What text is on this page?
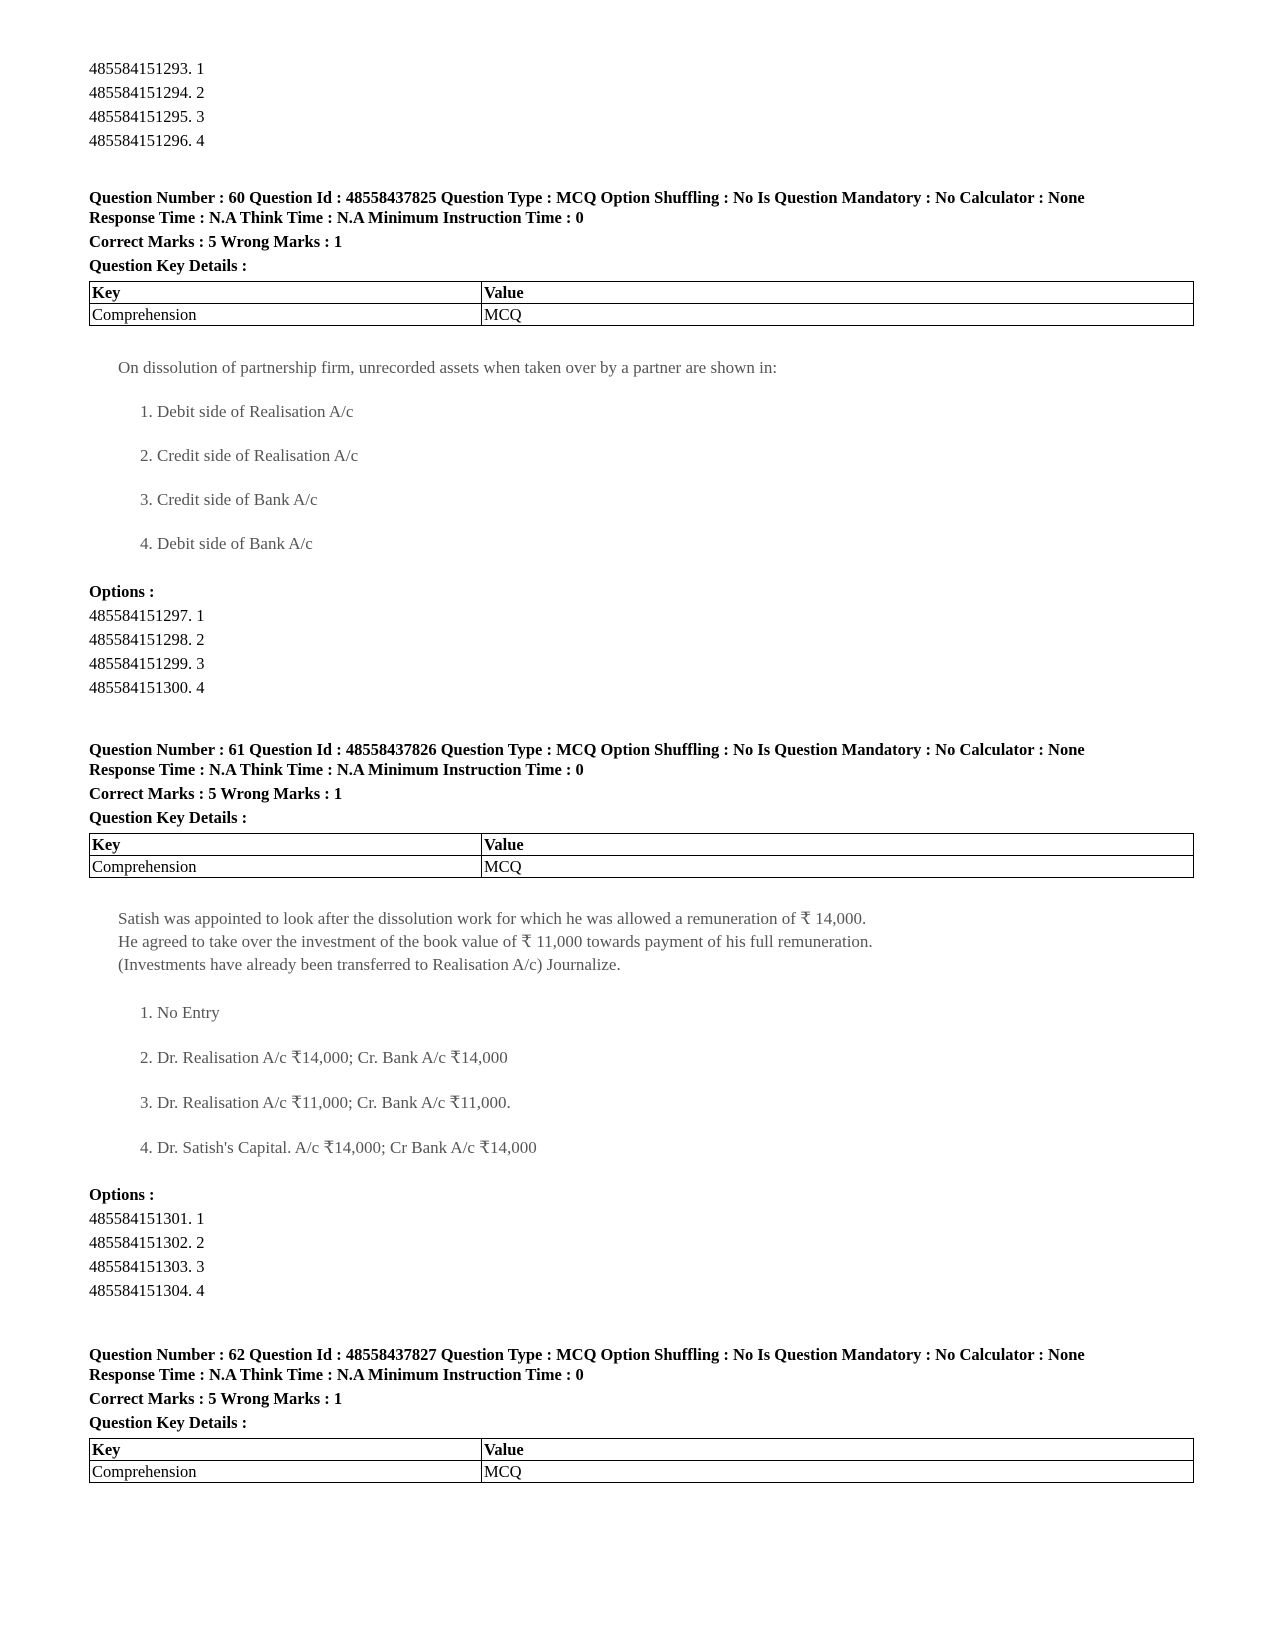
485584151293. 1
485584151294. 2
485584151295. 3
485584151296. 4
Question Number : 60 Question Id : 48558437825 Question Type : MCQ Option Shuffling : No Is Question Mandatory : No Calculator : None
Response Time : N.A Think Time : N.A Minimum Instruction Time : 0
Correct Marks : 5 Wrong Marks : 1
Question Key Details :
Key	Value
Comprehension	MCQ
On dissolution of partnership firm, unrecorded assets when taken over by a partner are shown in:
1. Debit side of Realisation A/c
2. Credit side of Realisation A/c
3. Credit side of Bank A/c
4. Debit side of Bank A/c
Options :
485584151297. 1
485584151298. 2
485584151299. 3
485584151300. 4
Question Number : 61 Question Id : 48558437826 Question Type : MCQ Option Shuffling : No Is Question Mandatory : No Calculator : None
Response Time : N.A Think Time : N.A Minimum Instruction Time : 0
Correct Marks : 5 Wrong Marks : 1
Question Key Details :
Key	Value
Comprehension	MCQ
Satish was appointed to look after the dissolution work for which he was allowed a remuneration of ₹ 14,000.
He agreed to take over the investment of the book value of ₹ 11,000 towards payment of his full remuneration.
(Investments have already been transferred to Realisation A/c) Journalize.
1. No Entry
2. Dr. Realisation A/c ₹14,000; Cr. Bank A/c ₹14,000
3. Dr. Realisation A/c ₹11,000; Cr. Bank A/c ₹11,000.
4. Dr. Satish's Capital. A/c ₹14,000; Cr Bank A/c ₹14,000
Options :
485584151301. 1
485584151302. 2
485584151303. 3
485584151304. 4
Question Number : 62 Question Id : 48558437827 Question Type : MCQ Option Shuffling : No Is Question Mandatory : No Calculator : None
Response Time : N.A Think Time : N.A Minimum Instruction Time : 0
Correct Marks : 5 Wrong Marks : 1
Question Key Details :
Key	Value
Comprehension	MCQ
